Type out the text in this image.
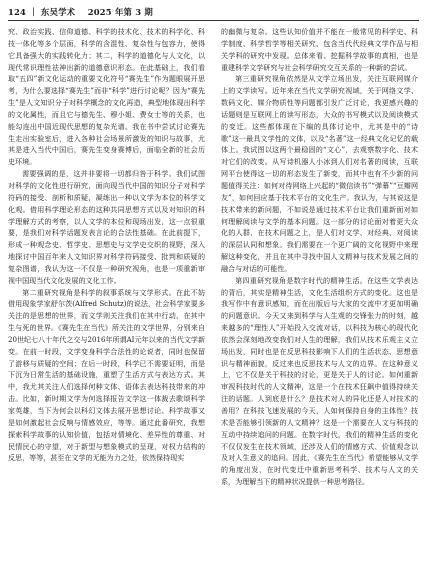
124 ｜ 东吴学术 2025 年第 3 期

究、政治实践、信仰道德、科学的技术化、技术的科学化、科技一体化等多个层面，科学的含混性、复杂性与包容力，使得它具备强大的实践转化力；其二，科学的道德化与人文化，以现代常识理性祛神出新的道德意识形态。在此基础上，我们看取“五四”新文化运动的重要文化符号“赛先生”作为题眼展开思考，为什么要选择“赛先生”而非“科学”进行讨论呢？因为“赛先生”是人文知识分子对科学概念的文化再造，典型地体现出科学的文化属性，而且它与德先生、穆小姐、费女士等的关系，也能勾连出中国近现代思想的复杂光谱。我在书中尝试讨论赛先生走出实验室后，进入各种社会场景所激发的知识与故事，尤其是进入当代中国后，赛先生变身赛博后，面临全新的社会历史环境。

需要强调的是，这并非要将一切都归咎于科学。我们试图对科学的文化性进行研究，面向现当代中国的知识分子对科学符码的接受、剖析和质疑，凝练出一种以文学为本位的科学文化观。借用科学理论形态的这种共同思想方式以及对知识的科学理解方式的考察，以人文学的本位和现场出发，这一点很重要，是我们对科学话题发表言论的合法性基础。在此前提下，形成一种观念史、哲学史、思想史与文学史交织的视野，深入地探讨中国百年来人文知识界对科学符码接受、批判和质疑的复杂图谱，我认为这一不仅是一种研究视角，也是一项重新审视中国现当代文化发展的文化工作。

第二重研究视角是科学的叙事系统与文学形式。在此不妨借用现象学家舒尔茨(Alfred Schutz)的说法，社会科学家要多关注的是思想的世界，而文学则关注我们在其中行动、在其中生与死的世界。《赛先生在当代》所关注的文学世界，分别来自20世纪七八十年代之交与2016年所谓AI元年以来的当代文学新变。在前一时段，文学变身科学合法性的论说者，同时也保留了游移与质疑的空间；在后一时段，科学已不需要证明，而是下沉为日常生活的基础设施，重塑了生活方式与表达方式。其中，我尤其关注人们选择何种文体、语体去表达科技带来的冲击。比如，新时期文学为何选择报告文学这一体裁去歌颂科学家英雄，当下为何会以科幻文体去展开思想讨论、科学故事又是如何激起社会反响与情感效应，等等。通过此番研究，我想探索科学故事的认知价值，包括对情境化、差异性的尊重、对民情民心的守望，对于新型与想象模式的呈现，对权力结构的反思，等等，甚至在文学的无能为力之处，依然保持现实

的幽微与复杂。这些认知价值并不能在一般常见的科学史、科学制度、科学哲学等相关研究、包含当代代经典文学作品与相关学科的研究中发现。总体来看、挖掘科学故事的真相，也是重建科学文学研究与社会科学研究交互关系的一种新的尝试。

第三重研究视角依然是从文学立场出发，关注互联网媒介上的文学读写。近年来在当代文学研究视域，关于网络文学、数码文化、媒介物质性等问题都引发广泛讨论，我更感兴趣的话题则是互联网上的读写形态，大众的书写模式以及阅读模式的变迁。这些都体现在下编的具体讨论中，尤其是中的“诗歌”这一最具文学性的文体，以及“名著”这一经典文化记忆的载体上。我试图以这两个最稳固的“文心”，去观察数字化、技术对它们的改变。从写诗机器人小冰到人们对名著的阅读，互联网平台使得这一切的形态发生了新变，而其中也有不少新的问题值得关注：如何对待网络上兴起的“微信读书”“弹幕”“豆瓣网友”，如何回应基于技术平台的文化生产。我认为，与其说这是技术带来的新问题，不如说是通过技术平台让我们重新面对如何理解阅读与文学的基本问题。这一部分的讨论面对着更大众化的人群，在技术问题之上，是人们对文学、对经典、对阅读的深层认同和想象。我们需要在一个更广阔的文化视野中来理解这种变化，并且在其中寻找中国人文精神与技术发展之间的融合与对话的可能性。

第四重研究视角是数字时代的精神生活。在这些文学表达的背后，其实是精神生活，文化生活组织方式的变化。这也是我写作中有意识感知，而在出版后与大家的交流中才更加明确的问题意识。今天又来到科学与人生观的交锋张力的时刻，越来越多的“理性人”开始投入交流对话，以科技为核心的现代化依然会深刻地改变我们对人生的理解，我们从技术乐观主义立场出发，同时也是在反思科技影响下人们的生活状态、思想意识与精神面貌，反过来也反思技术与人文的边界。在这种意义上，它不仅是关于科技的讨论，更是关于人的讨论。如何重新审视科技时代的人文精神，这是一个在技术狂飙中值得持续关注的话题。人到底是什么？是技术对人的异化还是人对技术的善用？在科技飞速发展的今天，人如何保持自身的主体性？技术是否能够引领新的人文精神？这是一个需要在人文与科技的互动中持续追问的问题。在数字时代，我们的精神生活的变化不仅仅发生在技术领域，还涉及人们的情感方式、价值观念以及对人生意义的追问。因此，《赛先生在当代》希望能够从文学的角度出发，在时代变迁中重新思考科学、技术与人文的关系，为理解当下的精神状况提供一种思考路径。
